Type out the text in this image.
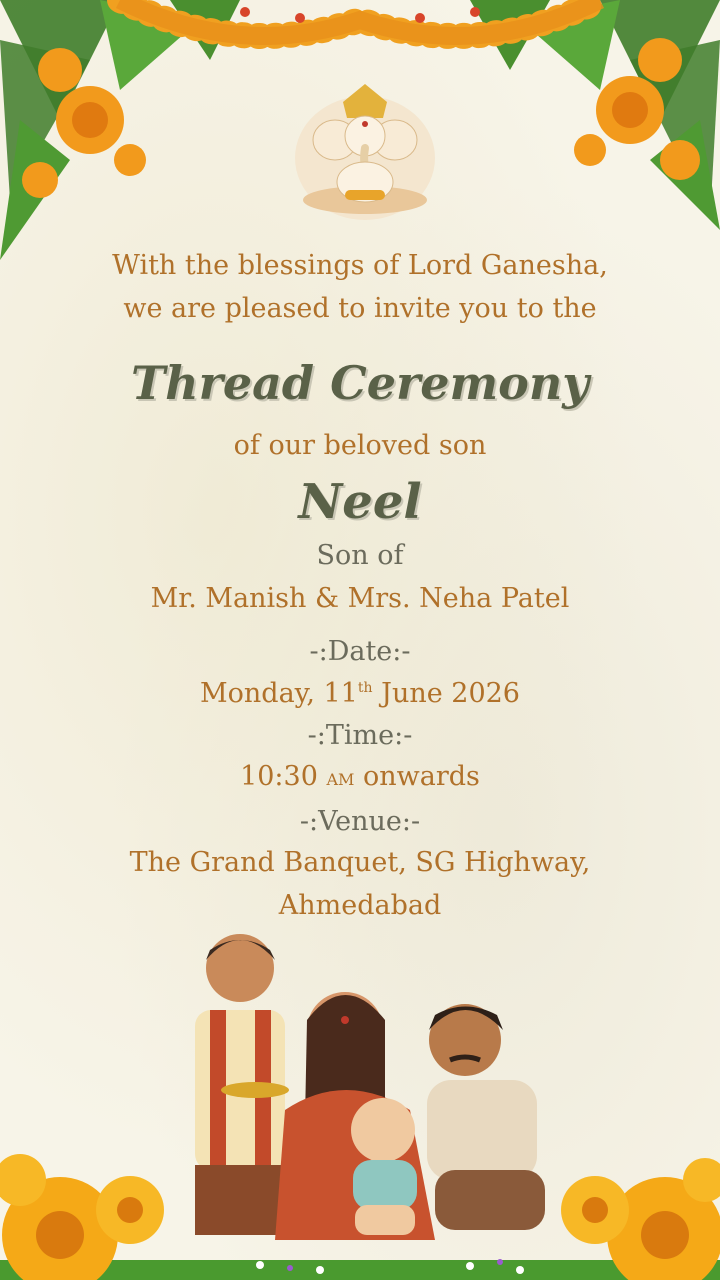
With the blessings of Lord Ganesha,
we are pleased to invite you to the
Thread Ceremony
of our beloved son
Neel
Son of
Mr. Manish & Mrs. Neha Patel
-:Date:-
Monday, 11th June 2026
-:Time:-
10:30 AM onwards
-:Venue:-
The Grand Banquet, SG Highway,
Ahmedabad
